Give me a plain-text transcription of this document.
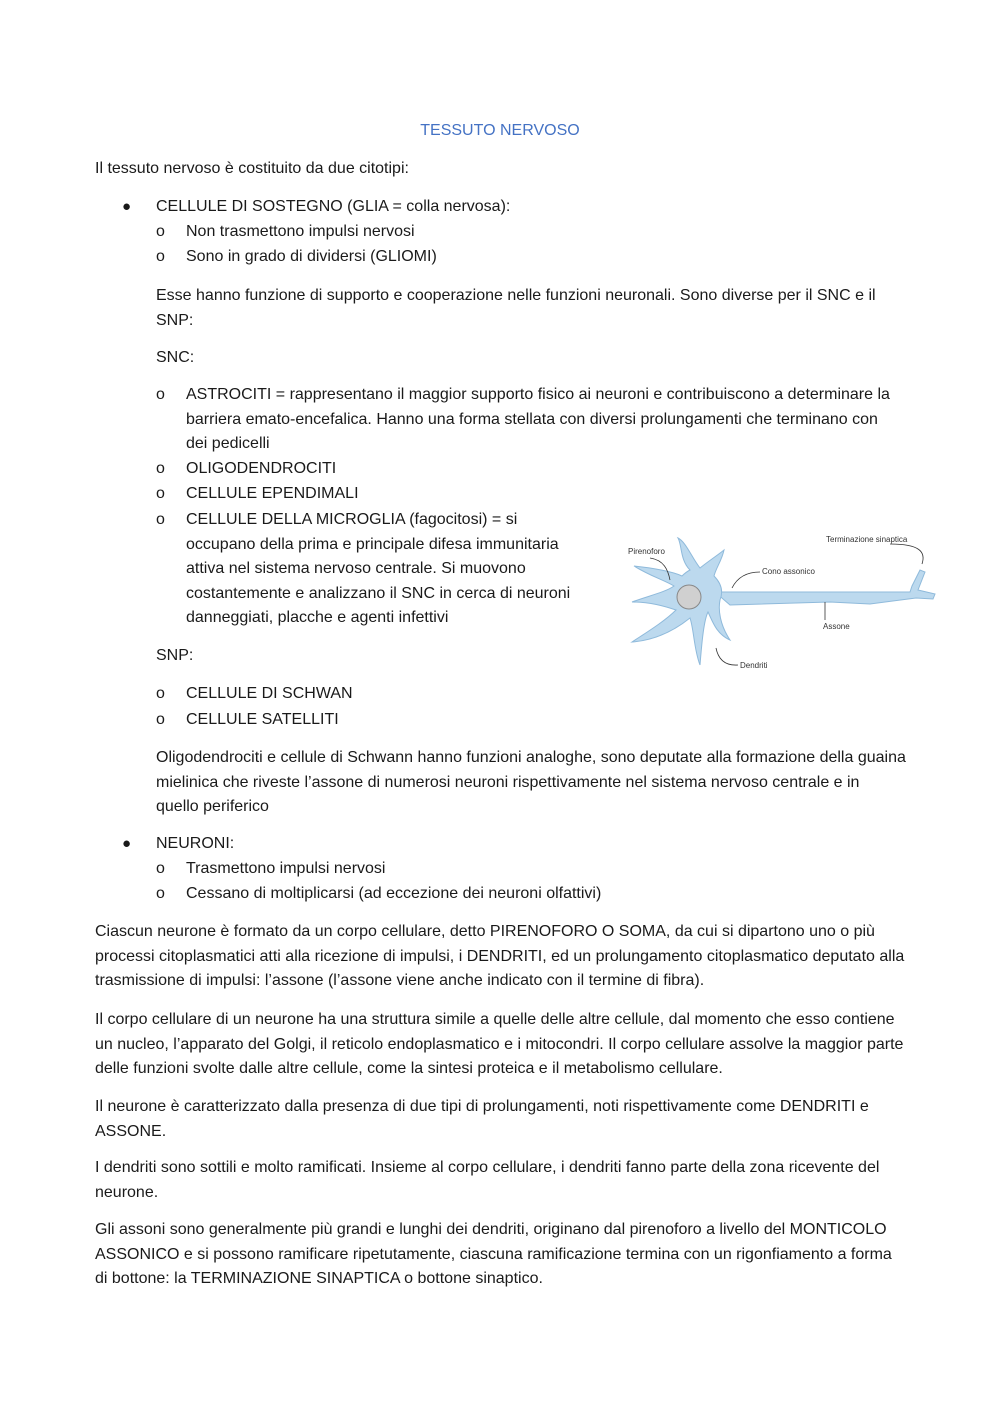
TESSUTO NERVOSO

Il tessuto nervoso è costituito da due citotipi:

● CELLULE DI SOSTEGNO (GLIA = colla nervosa):
o Non trasmettono impulsi nervosi
o Sono in grado di dividersi (GLIOMI)

Esse hanno funzione di supporto e cooperazione nelle funzioni neuronali. Sono diverse per il SNC e il SNP:

SNC:

o ASTROCITI = rappresentano il maggior supporto fisico ai neuroni e contribuiscono a determinare la barriera emato-encefalica. Hanno una forma stellata con diversi prolungamenti che terminano con dei pedicelli
o OLIGODENDROCITI
o CELLULE EPENDIMALI
o CELLULE DELLA MICROGLIA (fagocitosi) = si occupano della prima e principale difesa immunitaria attiva nel sistema nervoso centrale. Si muovono costantemente e analizzano il SNC in cerca di neuroni danneggiati, placche e agenti infettivi
Pirenoforo
Terminazione sinaptica
Cono assonico
Assone
Dendriti

SNP:

o CELLULE DI SCHWAN
o CELLULE SATELLITI

Oligodendrociti e cellule di Schwann hanno funzioni analoghe, sono deputate alla formazione della guaina mielinica che riveste l’assone di numerosi neuroni rispettivamente nel sistema nervoso centrale e in quello periferico

● NEURONI:
o Trasmettono impulsi nervosi
o Cessano di moltiplicarsi (ad eccezione dei neuroni olfattivi)

Ciascun neurone è formato da un corpo cellulare, detto PIRENOFORO O SOMA, da cui si dipartono uno o più processi citoplasmatici atti alla ricezione di impulsi, i DENDRITI, ed un prolungamento citoplasmatico deputato alla trasmissione di impulsi: l’assone (l’assone viene anche indicato con il termine di fibra).

Il corpo cellulare di un neurone ha una struttura simile a quelle delle altre cellule, dal momento che esso contiene un nucleo, l’apparato del Golgi, il reticolo endoplasmatico e i mitocondri. Il corpo cellulare assolve la maggior parte delle funzioni svolte dalle altre cellule, come la sintesi proteica e il metabolismo cellulare.

Il neurone è caratterizzato dalla presenza di due tipi di prolungamenti, noti rispettivamente come DENDRITI e ASSONE.

I dendriti sono sottili e molto ramificati. Insieme al corpo cellulare, i dendriti fanno parte della zona ricevente del neurone.

Gli assoni sono generalmente più grandi e lunghi dei dendriti, originano dal pirenoforo a livello del MONTICOLO ASSONICO e si possono ramificare ripetutamente, ciascuna ramificazione termina con un rigonfiamento a forma di bottone: la TERMINAZIONE SINAPTICA o bottone sinaptico.
